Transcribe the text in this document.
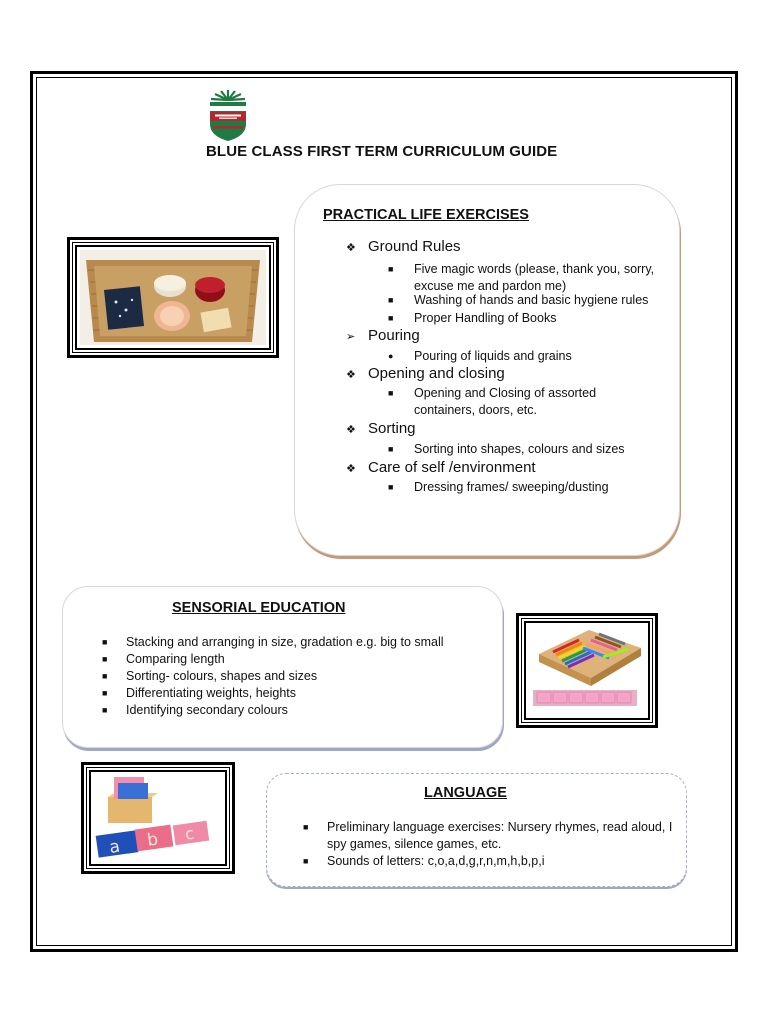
BLUE CLASS FIRST TERM CURRICULUM GUIDE
PRACTICAL LIFE EXERCISES
❖ Ground Rules
■ Five magic words (please, thank you, sorry, excuse me and pardon me)
■ Washing of hands and basic hygiene rules
■ Proper Handling of Books
➢ Pouring
● Pouring of liquids and grains
❖ Opening and closing
■ Opening and Closing of assorted containers, doors, etc.
❖ Sorting
■ Sorting into shapes, colours and sizes
❖ Care of self /environment
■ Dressing frames/ sweeping/dusting
SENSORIAL EDUCATION
■ Stacking and arranging in size, gradation e.g. big to small
■ Comparing length
■ Sorting- colours, shapes and sizes
■ Differentiating weights, heights
■ Identifying secondary colours
a b c
LANGUAGE
■ Preliminary language exercises: Nursery rhymes, read aloud, I spy games, silence games, etc.
■ Sounds of letters: c,o,a,d,g,r,n,m,h,b,p,i
